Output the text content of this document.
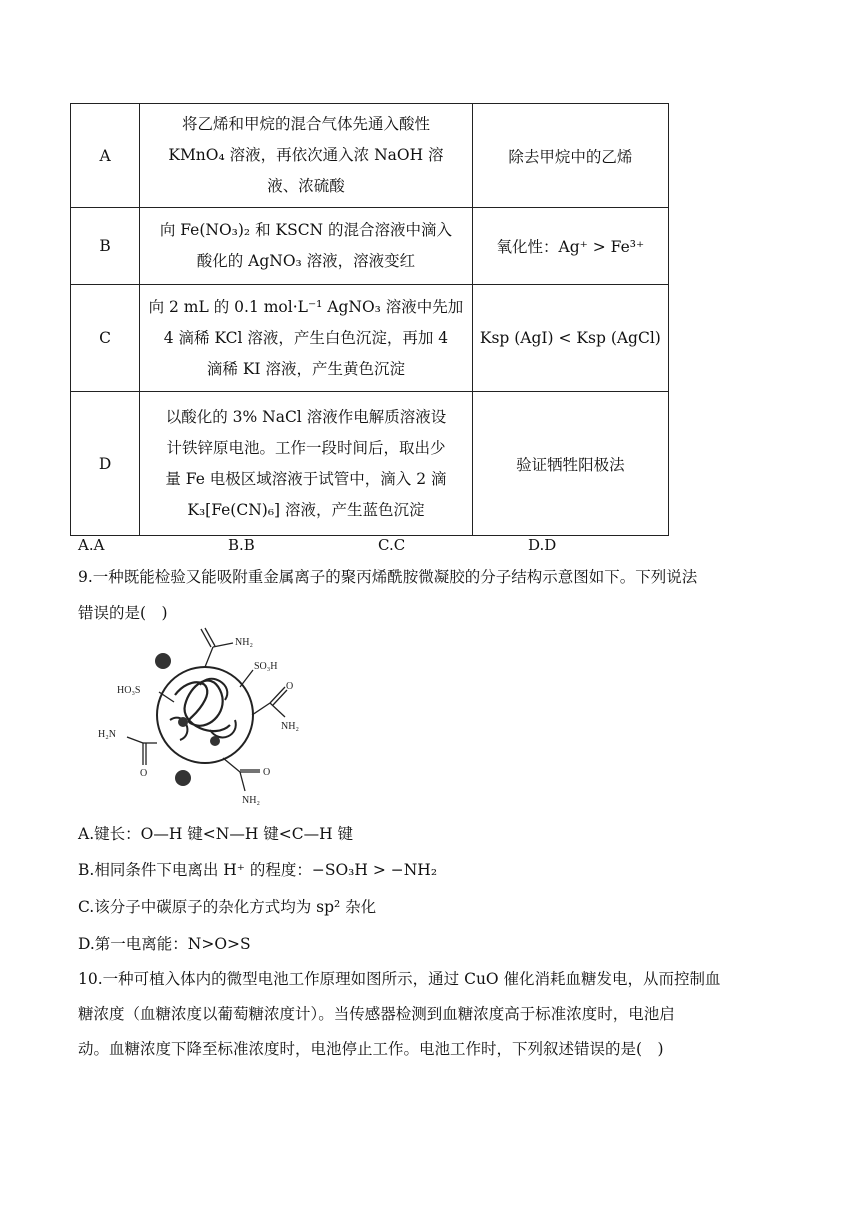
A	将乙烯和甲烷的混合气体先通入酸性
KMnO₄ 溶液，再依次通入浓 NaOH 溶
液、浓硫酸	除去甲烷中的乙烯
B	向 Fe(NO₃)₂ 和 KSCN 的混合溶液中滴入
酸化的 AgNO₃ 溶液，溶液变红	氧化性：Ag⁺ > Fe³⁺
C	向 2 mL 的 0.1 mol·L⁻¹ AgNO₃ 溶液中先加
4 滴稀 KCl 溶液，产生白色沉淀，再加 4
滴稀 KI 溶液，产生黄色沉淀	Ksp (AgI) < Ksp (AgCl)
D	以酸化的 3% NaCl 溶液作电解质溶液设
计铁锌原电池。工作一段时间后，取出少
量 Fe 电极区域溶液于试管中，滴入 2 滴
K₃[Fe(CN)₆] 溶液，产生蓝色沉淀	验证牺牲阳极法
A.A	B.B	C.C	D.D
9.一种既能检验又能吸附重金属离子的聚丙烯酰胺微凝胶的分子结构示意图如下。下列说法
错误的是(　)
NH₂
SO₃H
HO₃S	O
NH₂
H₂N
O	O
NH₂
A.键长：O—H 键<N—H 键<C—H 键
B.相同条件下电离出 H⁺ 的程度：−SO₃H > −NH₂
C.该分子中碳原子的杂化方式均为 sp² 杂化
D.第一电离能：N>O>S
10.一种可植入体内的微型电池工作原理如图所示，通过 CuO 催化消耗血糖发电，从而控制血
糖浓度（血糖浓度以葡萄糖浓度计）。当传感器检测到血糖浓度高于标准浓度时，电池启
动。血糖浓度下降至标准浓度时，电池停止工作。电池工作时，下列叙述错误的是(　)
